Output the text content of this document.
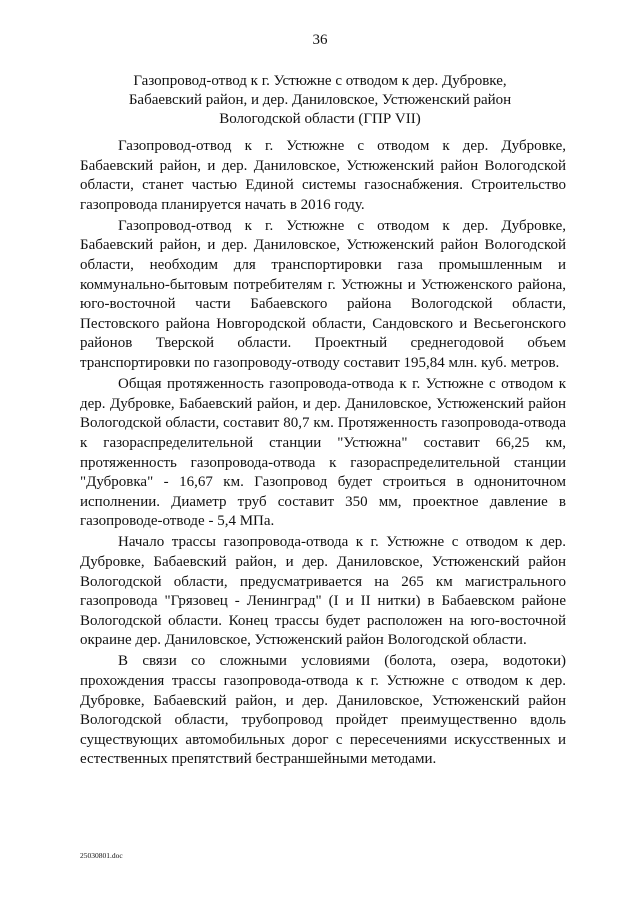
36
Газопровод-отвод к г. Устюжне с отводом к дер. Дубровке,
Бабаевский район, и дер. Даниловское, Устюженский район
Вологодской области (ГПР VII)

Газопровод-отвод к г. Устюжне с отводом к дер. Дубровке, Бабаевский район, и дер. Даниловское, Устюженский район Вологодской области, станет частью Единой системы газоснабжения. Строительство газопровода планируется начать в 2016 году.

Газопровод-отвод к г. Устюжне с отводом к дер. Дубровке, Бабаевский район, и дер. Даниловское, Устюженский район Вологодской области, необходим для транспортировки газа промышленным и коммунально-бытовым потребителям г. Устюжны и Устюженского района, юго-восточной части Бабаевского района Вологодской области, Пестовского района Новгородской области, Сандовского и Весьегонского районов Тверской области. Проектный среднегодовой объем транспортировки по газопроводу-отводу составит 195,84 млн. куб. метров.

Общая протяженность газопровода-отвода к г. Устюжне с отводом к дер. Дубровке, Бабаевский район, и дер. Даниловское, Устюженский район Вологодской области, составит 80,7 км. Протяженность газопровода-отвода к газораспределительной станции "Устюжна" составит 66,25 км, протяженность газопровода-отвода к газораспределительной станции "Дубровка" - 16,67 км. Газопровод будет строиться в однониточном исполнении. Диаметр труб составит 350 мм, проектное давление в газопроводе-отводе - 5,4 МПа.

Начало трассы газопровода-отвода к г. Устюжне с отводом к дер. Дубровке, Бабаевский район, и дер. Даниловское, Устюженский район Вологодской области, предусматривается на 265 км магистрального газопровода "Грязовец - Ленинград" (I и II нитки) в Бабаевском районе Вологодской области. Конец трассы будет расположен на юго-восточной окраине дер. Даниловское, Устюженский район Вологодской области.

В связи со сложными условиями (болота, озера, водотоки) прохождения трассы газопровода-отвода к г. Устюжне с отводом к дер. Дубровке, Бабаевский район, и дер. Даниловское, Устюженский район Вологодской области, трубопровод пройдет преимущественно вдоль существующих автомобильных дорог с пересечениями искусственных и естественных препятствий бестраншейными методами.

25030801.doc
